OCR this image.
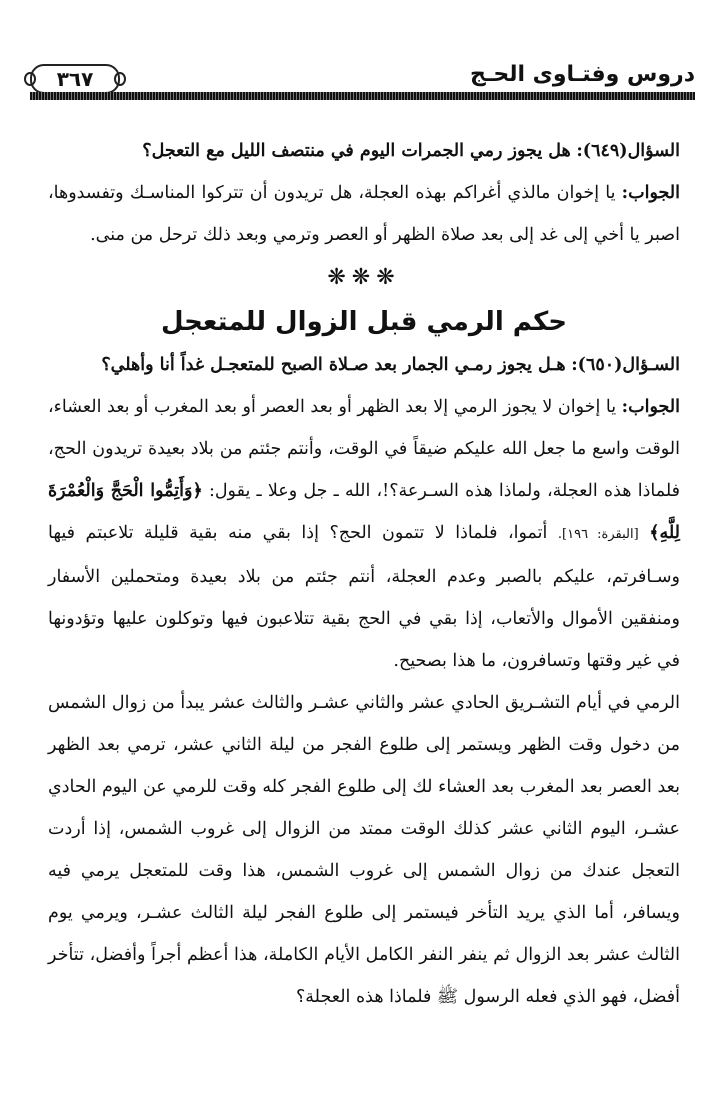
دروس وفتـاوى الحـج
٣٦٧

السؤال(٦٤٩): هل يجوز رمي الجمرات اليوم في منتصف الليل مع التعجل؟

الجواب: يا إخوان مالذي أغراكم بهذه العجلة، هل تريدون أن تتركوا المناسـك وتفسدوها، اصبر يا أخي إلى غد إلى بعد صلاة الظهر أو العصر وترمي وبعد ذلك ترحل من منى.

❋❋❋
حكم الرمي قبل الزوال للمتعجل

السـؤال(٦٥٠): هـل يجوز رمـي الجمار بعد صـلاة الصبح للمتعجـل غداً أنا وأهلي؟

الجواب: يا إخوان لا يجوز الرمي إلا بعد الظهر أو بعد العصر أو بعد المغرب أو بعد العشاء، الوقت واسع ما جعل الله عليكم ضيقاً في الوقت، وأنتم جئتم من بلاد بعيدة تريدون الحج، فلماذا هذه العجلة، ولماذا هذه السـرعة؟!، الله ـ جل وعلا ـ يقول: ﴿وَأَتِمُّوا الْحَجَّ وَالْعُمْرَةَ لِلَّهِ﴾ [البقرة: ١٩٦]. أتموا، فلماذا لا تتمون الحج؟ إذا بقي منه بقية قليلة تلاعبتم فيها وسـافرتم، عليكم بالصبر وعدم العجلة، أنتم جئتم من بلاد بعيدة ومتحملين الأسفار ومنفقين الأموال والأتعاب، إذا بقي في الحج بقية تتلاعبون فيها وتوكلون عليها وتؤدونها في غير وقتها وتسافرون، ما هذا بصحيح.

الرمي في أيام التشـريق الحادي عشر والثاني عشـر والثالث عشر يبدأ من زوال الشمس من دخول وقت الظهر ويستمر إلى طلوع الفجر من ليلة الثاني عشر، ترمي بعد الظهر بعد العصر بعد المغرب بعد العشاء لك إلى طلوع الفجر كله وقت للرمي عن اليوم الحادي عشـر، اليوم الثاني عشر كذلك الوقت ممتد من الزوال إلى غروب الشمس، إذا أردت التعجل عندك من زوال الشمس إلى غروب الشمس، هذا وقت للمتعجل يرمي فيه ويسافر، أما الذي يريد التأخر فيستمر إلى طلوع الفجر ليلة الثالث عشـر، ويرمي يوم الثالث عشر بعد الزوال ثم ينفر النفر الكامل الأيام الكاملة، هذا أعظم أجراً وأفضل، تتأخر أفضل، فهو الذي فعله الرسول ﷺ فلماذا هذه العجلة؟
